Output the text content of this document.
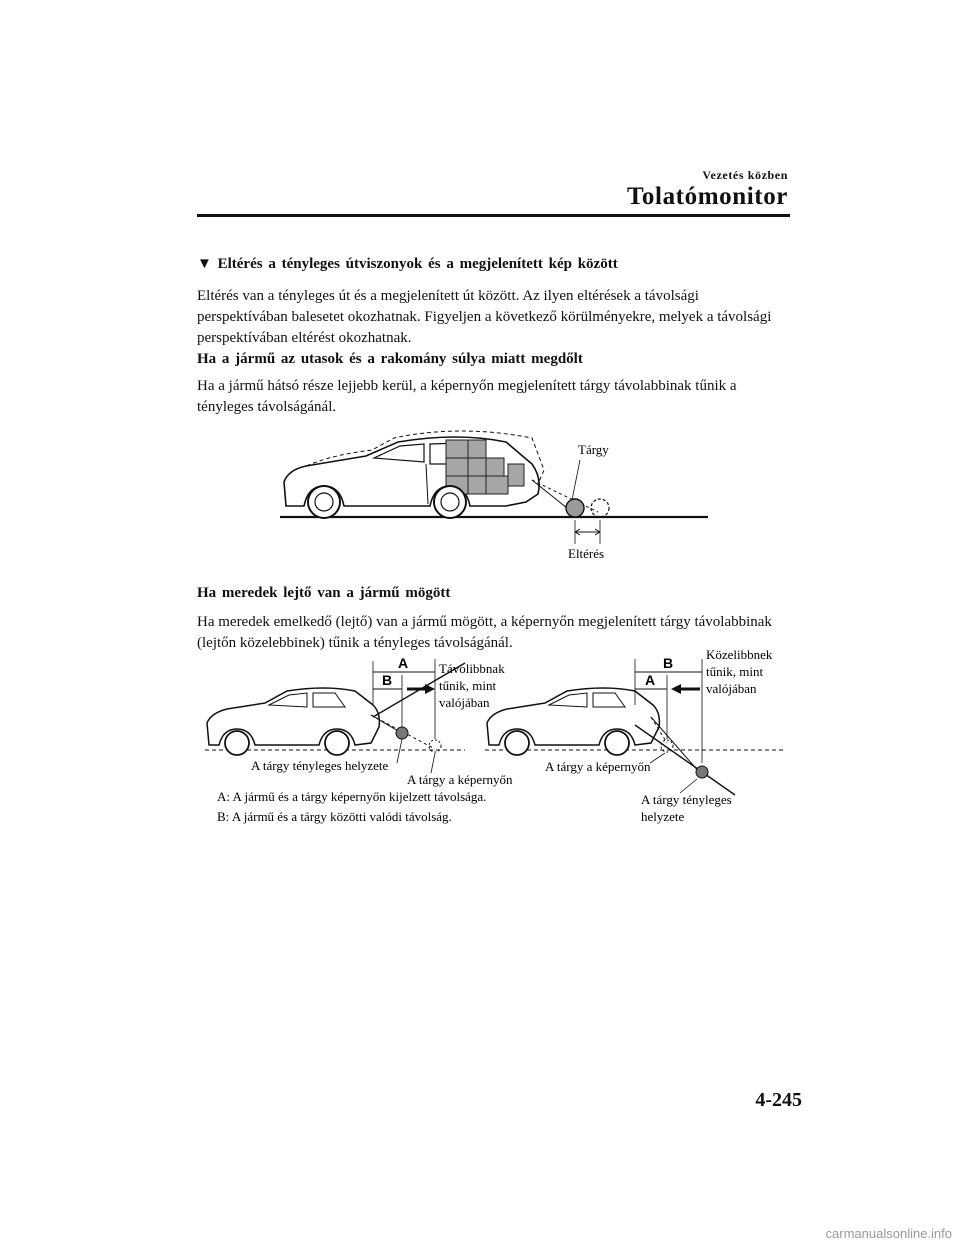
Vezetés közben
Tolatómonitor
▼ Eltérés a tényleges útviszonyok és a megjelenített kép között
Eltérés van a tényleges út és a megjelenített út között. Az ilyen eltérések a távolsági perspektívában balesetet okozhatnak. Figyeljen a következő körülményekre, melyek a távolsági perspektívában eltérést okozhatnak.
Ha a jármű az utasok és a rakomány súlya miatt megdőlt
Ha a jármű hátsó része lejjebb kerül, a képernyőn megjelenített tárgy távolabbinak tűnik a tényleges távolságánál.
Tárgy
Eltérés
Ha meredek lejtő van a jármű mögött
Ha meredek emelkedő (lejtő) van a jármű mögött, a képernyőn megjelenített tárgy távolabbinak (lejtőn közelebbinek) tűnik a tényleges távolságánál.
A
B
Távolibbnak
tűnik, mint
valójában
A tárgy tényleges helyzete
A tárgy a képernyőn
B
A
Közelibbnek
tűnik, mint
valójában
A tárgy a képernyőn
A tárgy tényleges
helyzete
A: A jármű és a tárgy képernyőn kijelzett távolsága.
B: A jármű és a tárgy közötti valódi távolság.
4-245
carmanualsonline.info
